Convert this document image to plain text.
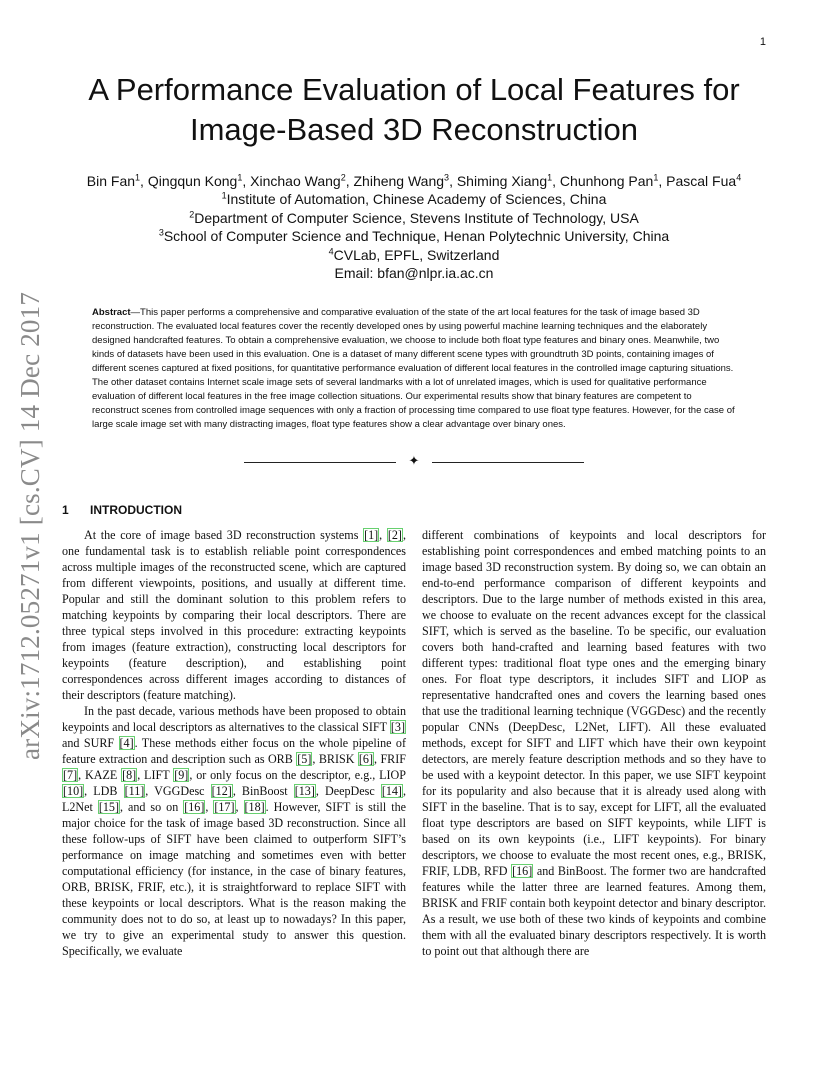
1
arXiv:1712.05271v1 [cs.CV] 14 Dec 2017
A Performance Evaluation of Local Features for
Image-Based 3D Reconstruction
Bin Fan$^1$, Qingqun Kong$^1$, Xinchao Wang$^2$, Zhiheng Wang$^3$, Shiming Xiang$^1$, Chunhong Pan$^1$, Pascal Fua$^4$
$^1$Institute of Automation, Chinese Academy of Sciences, China
$^2$Department of Computer Science, Stevens Institute of Technology, USA
$^3$School of Computer Science and Technique, Henan Polytechnic University, China
$^4$CVLab, EPFL, Switzerland
Email: bfan@nlpr.ia.ac.cn
Abstract—This paper performs a comprehensive and comparative evaluation of the state of the art local features for the task of image based 3D reconstruction. The evaluated local features cover the recently developed ones by using powerful machine learning techniques and the elaborately designed handcrafted features. To obtain a comprehensive evaluation, we choose to include both float type features and binary ones. Meanwhile, two kinds of datasets have been used in this evaluation. One is a dataset of many different scene types with groundtruth 3D points, containing images of different scenes captured at fixed positions, for quantitative performance evaluation of different local features in the controlled image capturing situations. The other dataset contains Internet scale image sets of several landmarks with a lot of unrelated images, which is used for qualitative performance evaluation of different local features in the free image collection situations. Our experimental results show that binary features are competent to reconstruct scenes from controlled image sequences with only a fraction of processing time compared to use float type features. However, for the case of large scale image set with many distracting images, float type features show a clear advantage over binary ones.
✦
1 INTRODUCTION

At the core of image based 3D reconstruction systems [1], [2], one fundamental task is to establish reliable point correspondences across multiple images of the reconstructed scene, which are captured from different viewpoints, positions, and usually at different time. Popular and still the dominant solution to this problem refers to matching keypoints by comparing their local descriptors. There are three typical steps involved in this procedure: extracting keypoints from images (feature extraction), constructing local descriptors for keypoints (feature description), and establishing point correspondences across different images according to distances of their descriptors (feature matching).

In the past decade, various methods have been proposed to obtain keypoints and local descriptors as alternatives to the classical SIFT [3] and SURF [4]. These methods either focus on the whole pipeline of feature extraction and description such as ORB [5], BRISK [6], FRIF [7], KAZE [8], LIFT [9], or only focus on the descriptor, e.g., LIOP [10], LDB [11], VGGDesc [12], BinBoost [13], DeepDesc [14], L2Net [15], and so on [16], [17], [18]. However, SIFT is still the major choice for the task of image based 3D reconstruction. Since all these follow-ups of SIFT have been claimed to outperform SIFT’s performance on image matching and sometimes even with better computational efficiency (for instance, in the case of binary features, ORB, BRISK, FRIF, etc.), it is straightforward to replace SIFT with these keypoints or local descriptors. What is the reason making the community does not to do so, at least up to nowadays? In this paper, we try to give an experimental study to answer this question. Specifically, we evaluate

different combinations of keypoints and local descriptors for establishing point correspondences and embed matching points to an image based 3D reconstruction system. By doing so, we can obtain an end-to-end performance comparison of different keypoints and descriptors. Due to the large number of methods existed in this area, we choose to evaluate on the recent advances except for the classical SIFT, which is served as the baseline. To be specific, our evaluation covers both hand-crafted and learning based features with two different types: traditional float type ones and the emerging binary ones. For float type descriptors, it includes SIFT and LIOP as representative handcrafted ones and covers the learning based ones that use the traditional learning technique (VGGDesc) and the recently popular CNNs (DeepDesc, L2Net, LIFT). All these evaluated methods, except for SIFT and LIFT which have their own keypoint detectors, are merely feature description methods and so they have to be used with a keypoint detector. In this paper, we use SIFT keypoint for its popularity and also because that it is already used along with SIFT in the baseline. That is to say, except for LIFT, all the evaluated float type descriptors are based on SIFT keypoints, while LIFT is based on its own keypoints (i.e., LIFT keypoints). For binary descriptors, we choose to evaluate the most recent ones, e.g., BRISK, FRIF, LDB, RFD [16] and BinBoost. The former two are handcrafted features while the latter three are learned features. Among them, BRISK and FRIF contain both keypoint detector and binary descriptor. As a result, we use both of these two kinds of keypoints and combine them with all the evaluated binary descriptors respectively. It is worth to point out that although there are
